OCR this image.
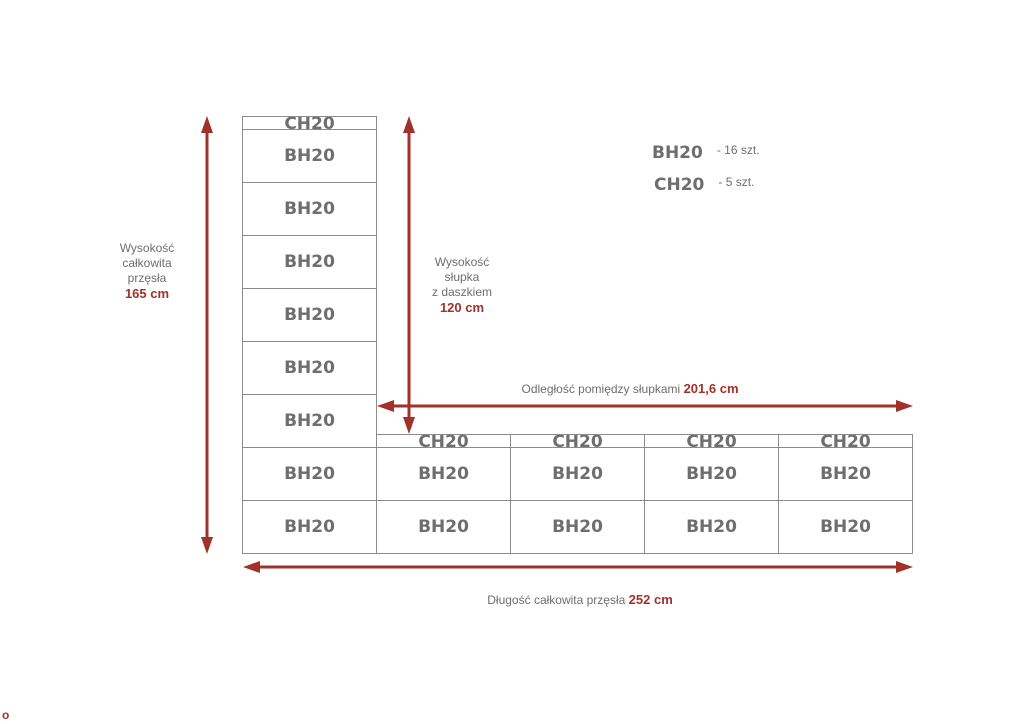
CH20
BH20
BH20
BH20
BH20
BH20
BH20
BH20
BH20
CH20	CH20	CH20	CH20
BH20	BH20	BH20	BH20
BH20	BH20	BH20	BH20
Wysokość
całkowita
przęsła
165 cm
Wysokość
słupka
z daszkiem
120 cm
Odległość pomiędzy słupkami 201,6 cm
Długość całkowita przęsła 252 cm
BH20 $^{- 16 szt.}$
CH20 $^{- 5 szt.}$
o
